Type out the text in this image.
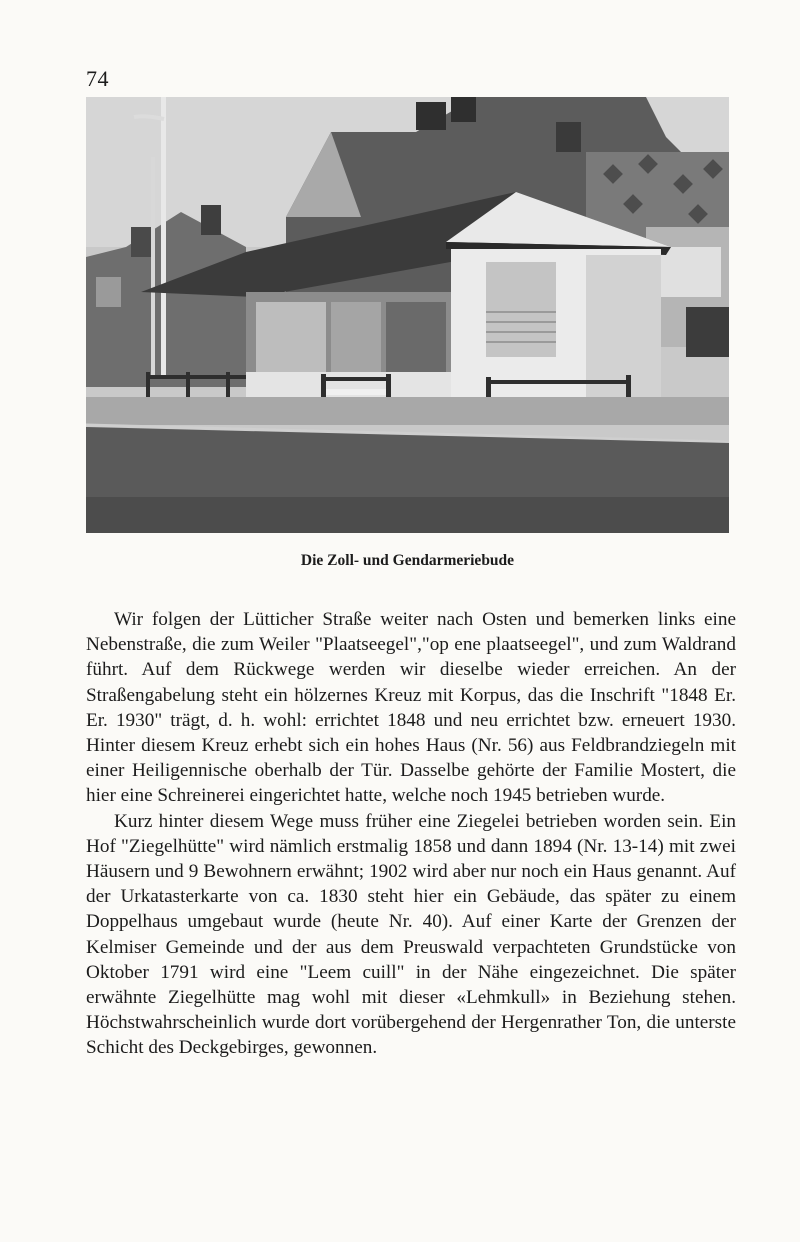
74
Die Zoll- und Gendarmeriebude

Wir folgen der Lütticher Straße weiter nach Osten und bemerken links eine Nebenstraße, die zum Weiler "Plaatseegel","op ene plaatseegel", und zum Waldrand führt. Auf dem Rückwege werden wir dieselbe wieder erreichen. An der Straßengabelung steht ein hölzernes Kreuz mit Korpus, das die Inschrift "1848 Er. Er. 1930" trägt, d. h. wohl: errichtet 1848 und neu errichtet bzw. erneuert 1930. Hinter diesem Kreuz erhebt sich ein hohes Haus (Nr. 56) aus Feldbrandziegeln mit einer Heiligennische oberhalb der Tür. Dasselbe gehörte der Familie Mostert, die hier eine Schreinerei eingerichtet hatte, welche noch 1945 betrieben wurde.

Kurz hinter diesem Wege muss früher eine Ziegelei betrieben worden sein. Ein Hof "Ziegelhütte" wird nämlich erstmalig 1858 und dann 1894 (Nr. 13-14) mit zwei Häusern und 9 Bewohnern erwähnt; 1902 wird aber nur noch ein Haus genannt. Auf der Urkatasterkarte von ca. 1830 steht hier ein Gebäude, das später zu einem Doppelhaus umgebaut wurde (heute Nr. 40). Auf einer Karte der Grenzen der Kelmiser Gemeinde und der aus dem Preuswald verpachteten Grundstücke von Oktober 1791 wird eine "Leem cuill" in der Nähe eingezeichnet. Die später erwähnte Ziegelhütte mag wohl mit dieser «Lehmkull» in Beziehung stehen. Höchstwahrscheinlich wurde dort vorübergehend der Hergenrather Ton, die unterste Schicht des Deckgebirges, gewonnen.
